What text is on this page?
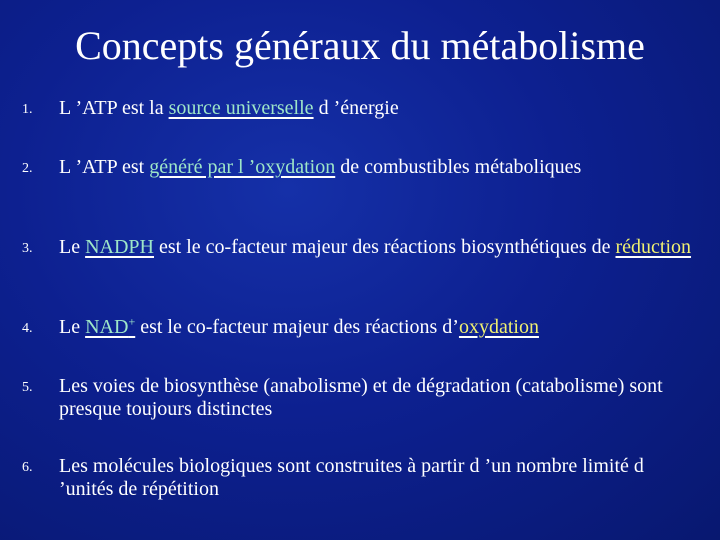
Concepts généraux du métabolisme
1. L ’ATP est la source universelle d ’énergie
2. L ’ATP est généré par l ’oxydation de combustibles métaboliques
3. Le NADPH est le co-facteur majeur des réactions biosynthétiques de réduction
4. Le NAD+ est le co-facteur majeur des réactions d’oxydation
5. Les voies de biosynthèse (anabolisme) et de dégradation (catabolisme) sont presque toujours distinctes
6. Les molécules biologiques sont construites à partir d ’un nombre limité d ’unités de répétition
